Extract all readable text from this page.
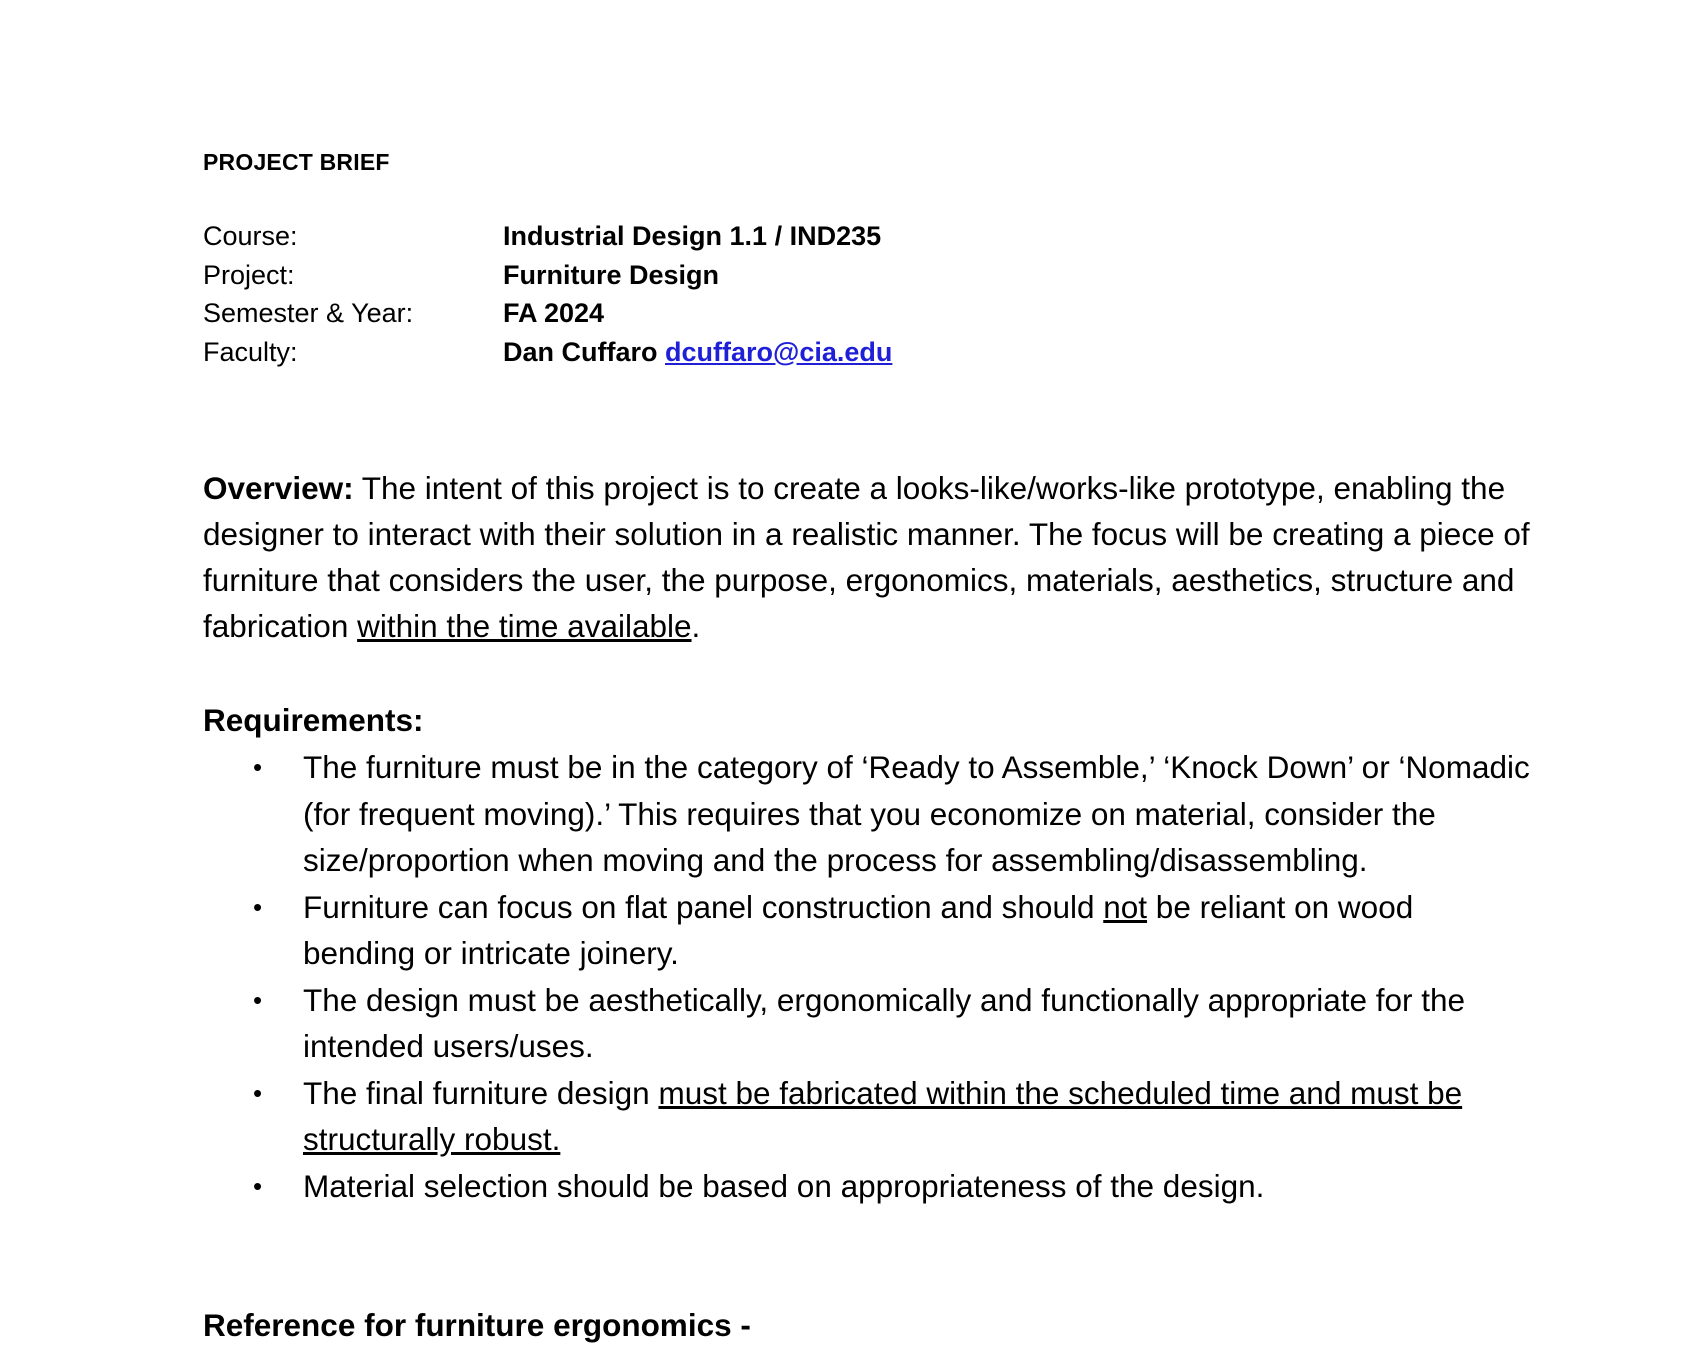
PROJECT BRIEF

Course:	Industrial Design 1.1 / IND235
Project:	Furniture Design
Semester & Year:	FA 2024
Faculty:	Dan Cuffaro dcuffaro@cia.edu

Overview: The intent of this project is to create a looks-like/works-like prototype, enabling the designer to interact with their solution in a realistic manner. The focus will be creating a piece of furniture that considers the user, the purpose, ergonomics, materials, aesthetics, structure and fabrication within the time available.

Requirements:

• The furniture must be in the category of ‘Ready to Assemble,’ ‘Knock Down’ or ‘Nomadic (for frequent moving).’ This requires that you economize on material, consider the size/proportion when moving and the process for assembling/disassembling.
• Furniture can focus on flat panel construction and should not be reliant on wood bending or intricate joinery.
• The design must be aesthetically, ergonomically and functionally appropriate for the intended users/uses.
• The final furniture design must be fabricated within the scheduled time and must be structurally robust.
• Material selection should be based on appropriateness of the design.

Reference for furniture ergonomics -
